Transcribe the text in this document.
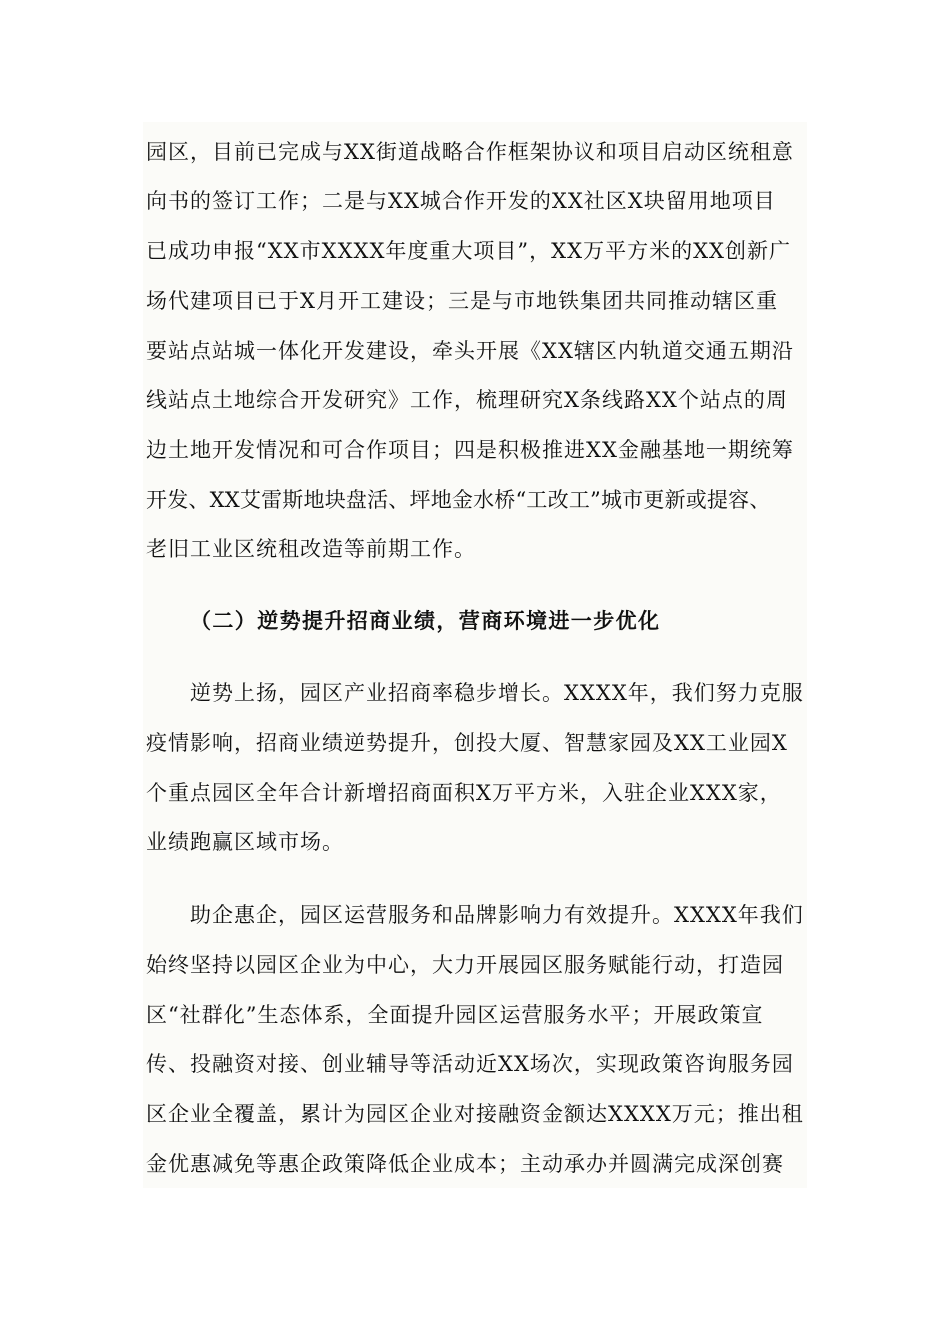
园区，目前已完成与XX街道战略合作框架协议和项目启动区统租意
向书的签订工作；二是与XX城合作开发的XX社区X块留用地项目
已成功申报“XX市XXXX年度重大项目”，XX万平方米的XX创新广
场代建项目已于X月开工建设；三是与市地铁集团共同推动辖区重
要站点站城一体化开发建设，牵头开展《XX辖区内轨道交通五期沿
线站点土地综合开发研究》工作，梳理研究X条线路XX个站点的周
边土地开发情况和可合作项目；四是积极推进XX金融基地一期统筹
开发、XX艾雷斯地块盘活、坪地金水桥“工改工”城市更新或提容、
老旧工业区统租改造等前期工作。
（二）逆势提升招商业绩，营商环境进一步优化
逆势上扬，园区产业招商率稳步增长。XXXX年，我们努力克服
疫情影响，招商业绩逆势提升，创投大厦、智慧家园及XX工业园X
个重点园区全年合计新增招商面积X万平方米，入驻企业XXX家，
业绩跑赢区域市场。
助企惠企，园区运营服务和品牌影响力有效提升。XXXX年我们
始终坚持以园区企业为中心，大力开展园区服务赋能行动，打造园
区“社群化”生态体系，全面提升园区运营服务水平；开展政策宣
传、投融资对接、创业辅导等活动近XX场次，实现政策咨询服务园
区企业全覆盖，累计为园区企业对接融资金额达XXXX万元；推出租
金优惠减免等惠企政策降低企业成本；主动承办并圆满完成深创赛
